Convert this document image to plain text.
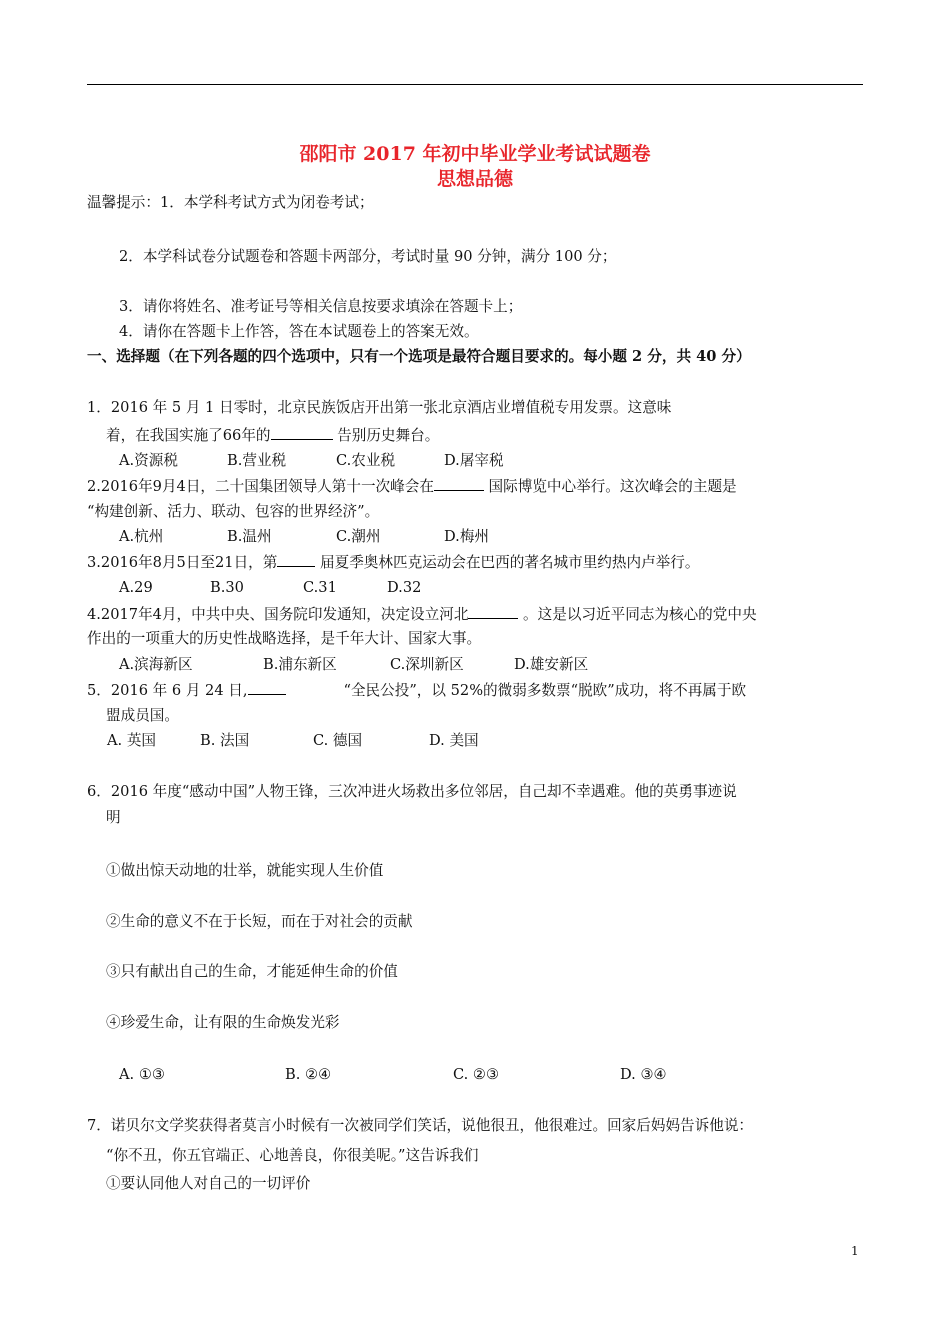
邵阳市 2017 年初中毕业学业考试试题卷
思想品德
温馨提示：1．本学科考试方式为闭卷考试；
2．本学科试卷分试题卷和答题卡两部分，考试时量 90 分钟，满分 100 分；
3．请你将姓名、准考证号等相关信息按要求填涂在答题卡上；
4．请你在答题卡上作答，答在本试题卷上的答案无效。
一、选择题（在下列各题的四个选项中，只有一个选项是最符合题目要求的。每小题 2 分，共 40 分）
1．2016 年 5 月 1 日零时，北京民族饭店开出第一张北京酒店业增值税专用发票。这意味
着，在我国实施了66年的	告别历史舞台。
A.资源税	B.营业税	C.农业税	D.屠宰税
2.2016年9月4日，二十国集团领导人第十一次峰会在	国际博览中心举行。这次峰会的主题是
“构建创新、活力、联动、包容的世界经济”。
A.杭州	B.温州	C.潮州	D.梅州
3.2016年8月5日至21日，第	届夏季奥林匹克运动会在巴西的著名城市里约热内卢举行。
A.29	B.30	C.31	D.32
4.2017年4月，中共中央、国务院印发通知，决定设立河北	。这是以习近平同志为核心的党中央
作出的一项重大的历史性战略选择，是千年大计、国家大事。
A.滨海新区	B.浦东新区	C.深圳新区	D.雄安新区
5．2016 年 6 月 24 日,	“全民公投”，以 52%的微弱多数票“脱欧”成功，将不再属于欧
盟成员国。
A. 英国	B. 法国	C. 德国	D. 美国
6．2016 年度“感动中国”人物王锋，三次冲进火场救出多位邻居，自己却不幸遇难。他的英勇事迹说
明
①做出惊天动地的壮举，就能实现人生价值
②生命的意义不在于长短，而在于对社会的贡献
③只有献出自己的生命，才能延伸生命的价值
④珍爱生命，让有限的生命焕发光彩
A. ①③	B. ②④	C. ②③	D. ③④
7．诺贝尔文学奖获得者莫言小时候有一次被同学们笑话，说他很丑，他很难过。回家后妈妈告诉他说：
“你不丑，你五官端正、心地善良，你很美呢。”这告诉我们
①要认同他人对自己的一切评价
1
